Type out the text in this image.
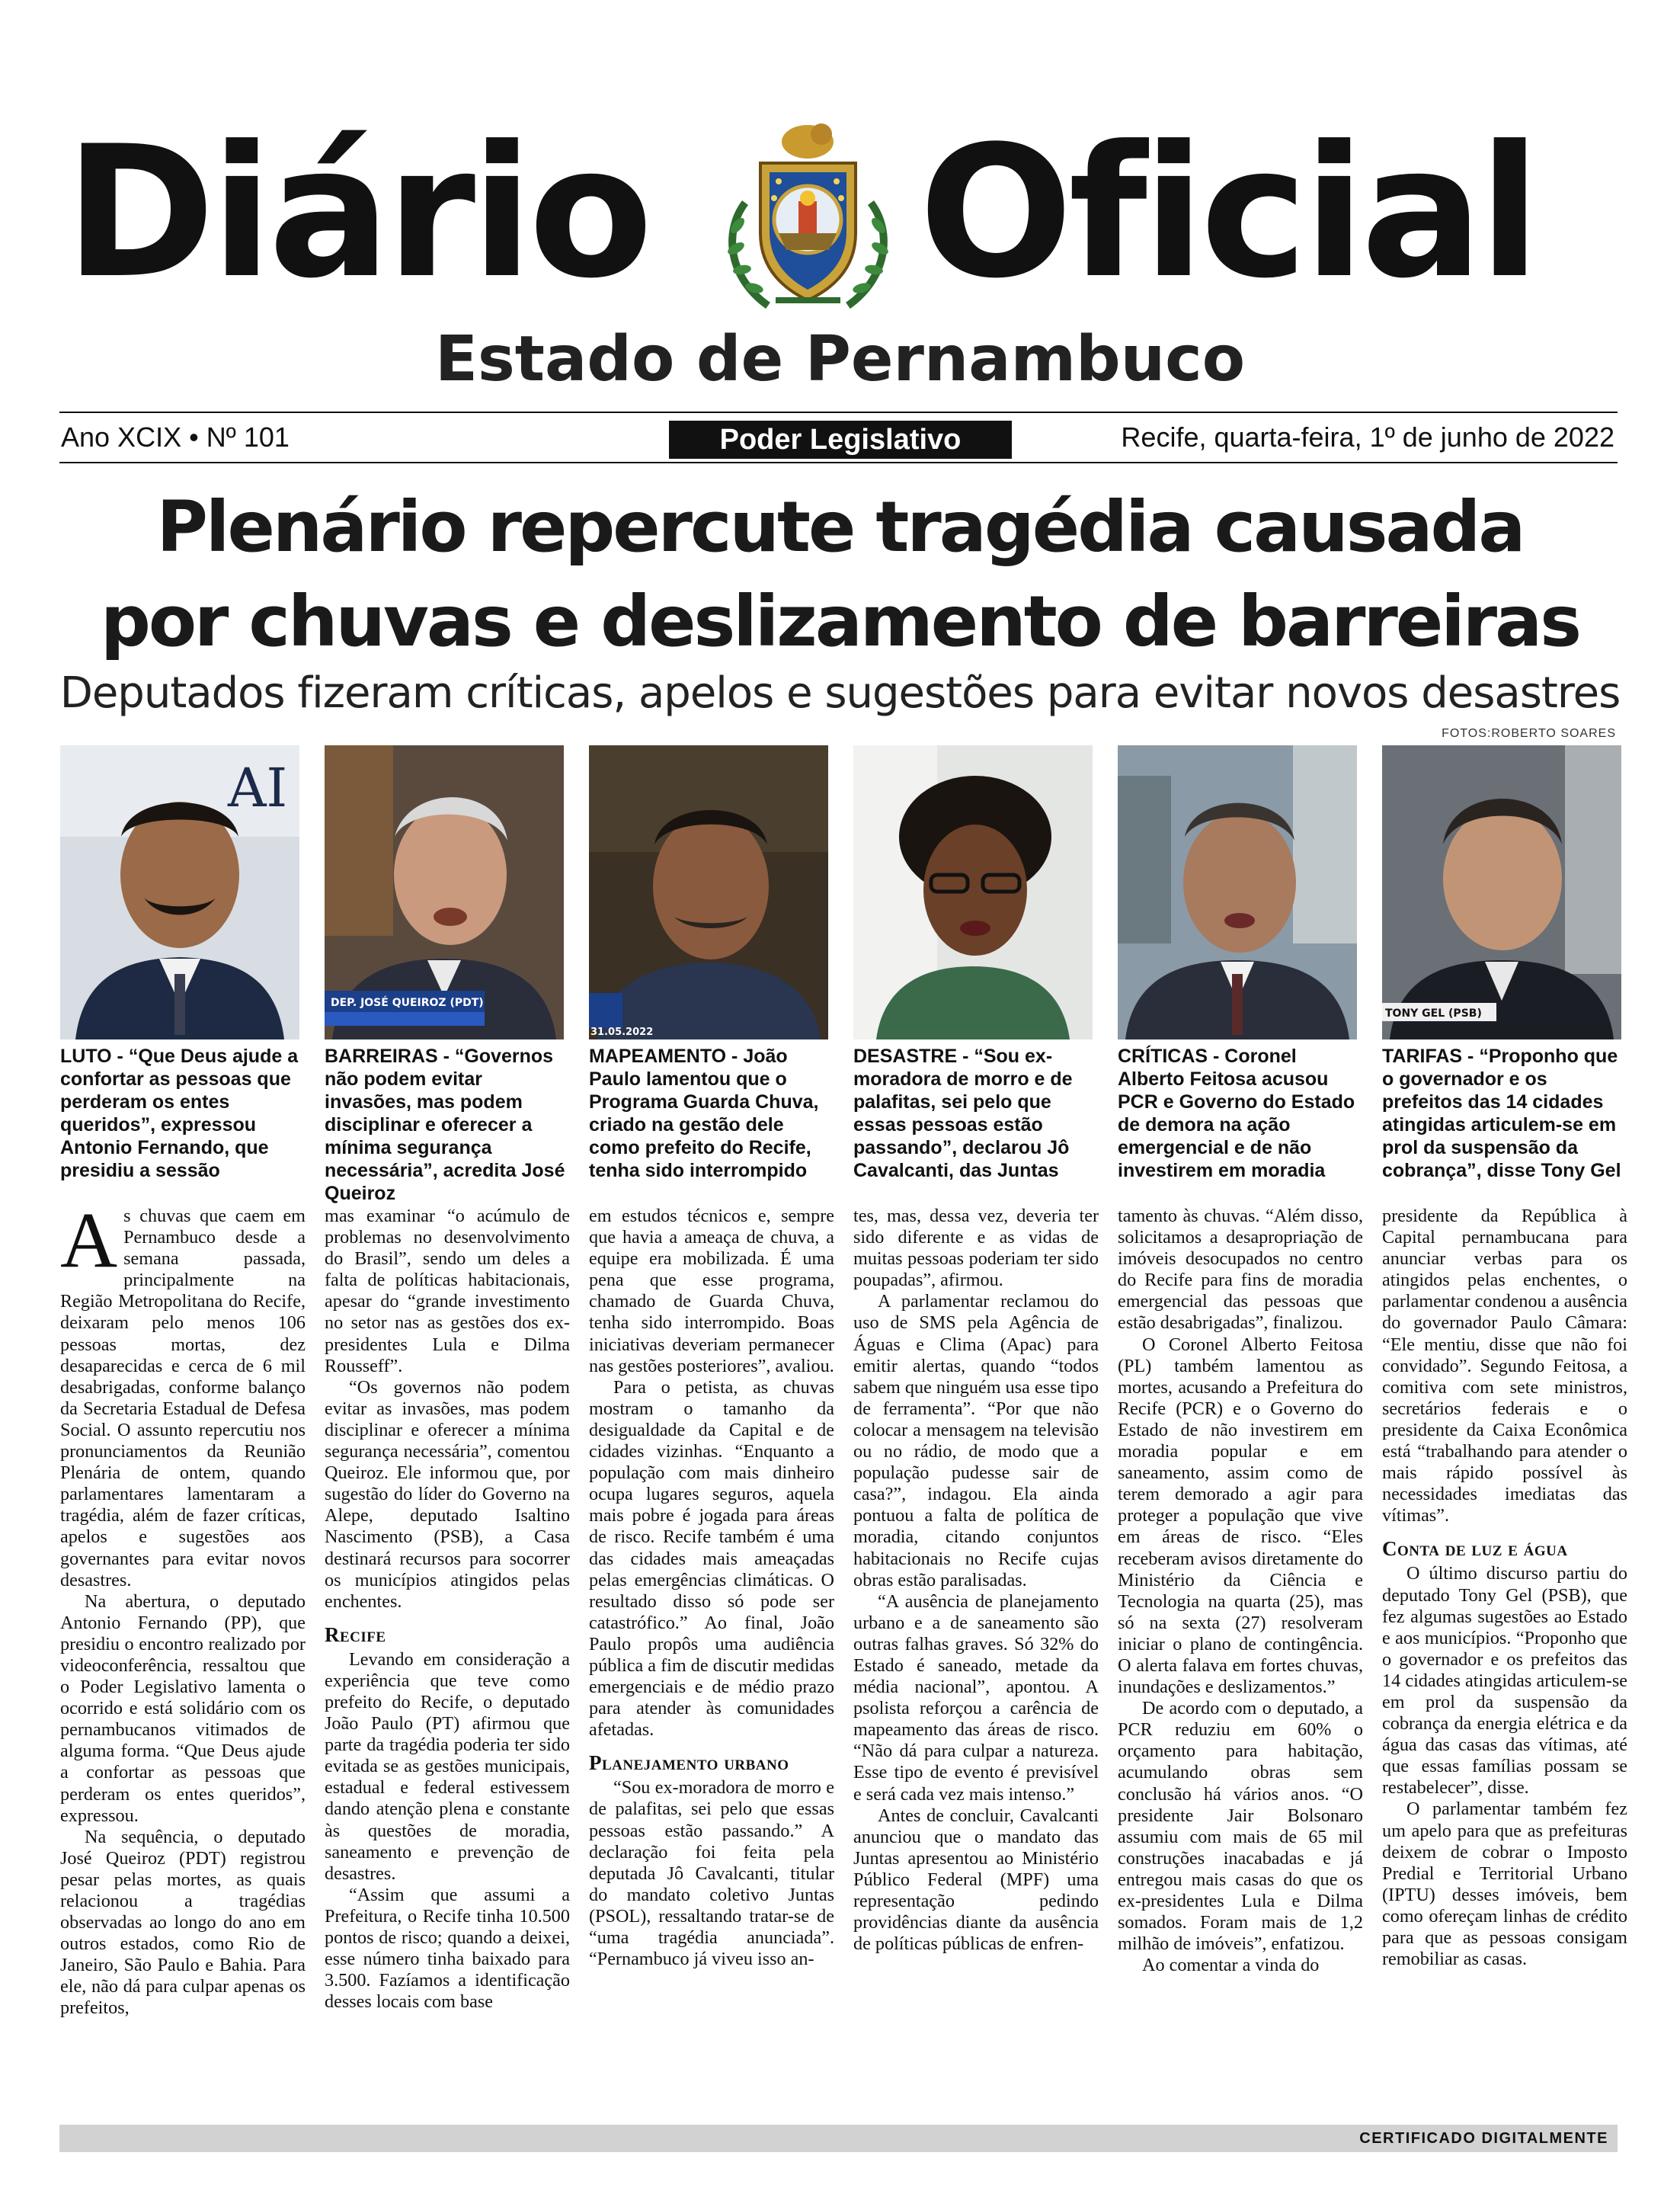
Diário Oficial
Estado de Pernambuco
Ano XCIX • Nº 101	Poder Legislativo	Recife, quarta-feira, 1º de junho de 2022
Plenário repercute tragédia causada
por chuvas e deslizamento de barreiras
Deputados fizeram críticas, apelos e sugestões para evitar novos desastres
FOTOS:ROBERTO SOARES
AI
DEP. JOSÉ QUEIROZ (PDT)
31.05.2022
TONY GEL (PSB)
LUTO - “Que Deus ajude a confortar as pessoas que perderam os entes queridos”, expressou Antonio Fernando, que presidiu a sessão
BARREIRAS - “Governos não podem evitar invasões, mas podem disciplinar e oferecer a mínima segurança necessária”, acredita José Queiroz
MAPEAMENTO - João Paulo lamentou que o Programa Guarda Chuva, criado na gestão dele como prefeito do Recife, tenha sido interrompido
DESASTRE - “Sou ex-moradora de morro e de palafitas, sei pelo que essas pessoas estão passando”, declarou Jô Cavalcanti, das Juntas
CRÍTICAS - Coronel Alberto Feitosa acusou PCR e Governo do Estado de demora na ação emergencial e de não investirem em moradia
TARIFAS - “Proponho que o governador e os prefeitos das 14 cidades atingidas articulem-se em prol da suspensão da cobrança”, disse Tony Gel

As chuvas que caem em Pernambuco desde a semana passada, principalmente na Região Metropolitana do Recife, deixaram pelo menos 106 pessoas mortas, dez desaparecidas e cerca de 6 mil desabrigadas, conforme balanço da Secretaria Estadual de Defesa Social. O assunto repercutiu nos pronunciamentos da Reunião Plenária de ontem, quando parlamentares lamentaram a tragédia, além de fazer críticas, apelos e sugestões aos governantes para evitar novos desastres.

Na abertura, o deputado Antonio Fernando (PP), que presidiu o encontro realizado por videoconferência, ressaltou que o Poder Legislativo lamenta o ocorrido e está solidário com os pernambucanos vitimados de alguma forma. “Que Deus ajude a confortar as pessoas que perderam os entes queridos”, expressou.

Na sequência, o deputado José Queiroz (PDT) registrou pesar pelas mortes, as quais relacionou a tragédias observadas ao longo do ano em outros estados, como Rio de Janeiro, São Paulo e Bahia. Para ele, não dá para culpar apenas os prefeitos,

mas examinar “o acúmulo de problemas no desenvolvimento do Brasil”, sendo um deles a falta de políticas habitacionais, apesar do “grande investimento no setor nas as gestões dos ex-presidentes Lula e Dilma Rousseff”.

“Os governos não podem evitar as invasões, mas podem disciplinar e oferecer a mínima segurança necessária”, comentou Queiroz. Ele informou que, por sugestão do líder do Governo na Alepe, deputado Isaltino Nascimento (PSB), a Casa destinará recursos para socorrer os municípios atingidos pelas enchentes.

Recife

Levando em consideração a experiência que teve como prefeito do Recife, o deputado João Paulo (PT) afirmou que parte da tragédia poderia ter sido evitada se as gestões municipais, estadual e federal estivessem dando atenção plena e constante às questões de moradia, saneamento e prevenção de desastres.

“Assim que assumi a Prefeitura, o Recife tinha 10.500 pontos de risco; quando a deixei, esse número tinha baixado para 3.500. Fazíamos a identificação desses locais com base

em estudos técnicos e, sempre que havia a ameaça de chuva, a equipe era mobilizada. É uma pena que esse programa, chamado de Guarda Chuva, tenha sido interrompido. Boas iniciativas deveriam permanecer nas gestões posteriores”, avaliou.

Para o petista, as chuvas mostram o tamanho da desigualdade da Capital e de cidades vizinhas. “Enquanto a população com mais dinheiro ocupa lugares seguros, aquela mais pobre é jogada para áreas de risco. Recife também é uma das cidades mais ameaçadas pelas emergências climáticas. O resultado disso só pode ser catastrófico.” Ao final, João Paulo propôs uma audiência pública a fim de discutir medidas emergenciais e de médio prazo para atender às comunidades afetadas.

Planejamento urbano

“Sou ex-moradora de morro e de palafitas, sei pelo que essas pessoas estão passando.” A declaração foi feita pela deputada Jô Cavalcanti, titular do mandato coletivo Juntas (PSOL), ressaltando tratar-se de “uma tragédia anunciada”. “Pernambuco já viveu isso an-

tes, mas, dessa vez, deveria ter sido diferente e as vidas de muitas pessoas poderiam ter sido poupadas”, afirmou.

A parlamentar reclamou do uso de SMS pela Agência de Águas e Clima (Apac) para emitir alertas, quando “todos sabem que ninguém usa esse tipo de ferramenta”. “Por que não colocar a mensagem na televisão ou no rádio, de modo que a população pudesse sair de casa?”, indagou. Ela ainda pontuou a falta de política de moradia, citando conjuntos habitacionais no Recife cujas obras estão paralisadas.

“A ausência de planejamento urbano e a de saneamento são outras falhas graves. Só 32% do Estado é saneado, metade da média nacional”, apontou. A psolista reforçou a carência de mapeamento das áreas de risco. “Não dá para culpar a natureza. Esse tipo de evento é previsível e será cada vez mais intenso.”

Antes de concluir, Cavalcanti anunciou que o mandato das Juntas apresentou ao Ministério Público Federal (MPF) uma representação pedindo providências diante da ausência de políticas públicas de enfren-

tamento às chuvas. “Além disso, solicitamos a desapropriação de imóveis desocupados no centro do Recife para fins de moradia emergencial das pessoas que estão desabrigadas”, finalizou.

O Coronel Alberto Feitosa (PL) também lamentou as mortes, acusando a Prefeitura do Recife (PCR) e o Governo do Estado de não investirem em moradia popular e em saneamento, assim como de terem demorado a agir para proteger a população que vive em áreas de risco. “Eles receberam avisos diretamente do Ministério da Ciência e Tecnologia na quarta (25), mas só na sexta (27) resolveram iniciar o plano de contingência. O alerta falava em fortes chuvas, inundações e deslizamentos.”

De acordo com o deputado, a PCR reduziu em 60% o orçamento para habitação, acumulando obras sem conclusão há vários anos. “O presidente Jair Bolsonaro assumiu com mais de 65 mil construções inacabadas e já entregou mais casas do que os ex-presidentes Lula e Dilma somados. Foram mais de 1,2 milhão de imóveis”, enfatizou.

Ao comentar a vinda do

presidente da República à Capital pernambucana para anunciar verbas para os atingidos pelas enchentes, o parlamentar condenou a ausência do governador Paulo Câmara: “Ele mentiu, disse que não foi convidado”. Segundo Feitosa, a comitiva com sete ministros, secretários federais e o presidente da Caixa Econômica está “trabalhando para atender o mais rápido possível às necessidades imediatas das vítimas”.

Conta de luz e água

O último discurso partiu do deputado Tony Gel (PSB), que fez algumas sugestões ao Estado e aos municípios. “Proponho que o governador e os prefeitos das 14 cidades atingidas articulem-se em prol da suspensão da cobrança da energia elétrica e da água das casas das vítimas, até que essas famílias possam se restabelecer”, disse.

O parlamentar também fez um apelo para que as prefeituras deixem de cobrar o Imposto Predial e Territorial Urbano (IPTU) desses imóveis, bem como ofereçam linhas de crédito para que as pessoas consigam remobiliar as casas.

CERTIFICADO DIGITALMENTE
